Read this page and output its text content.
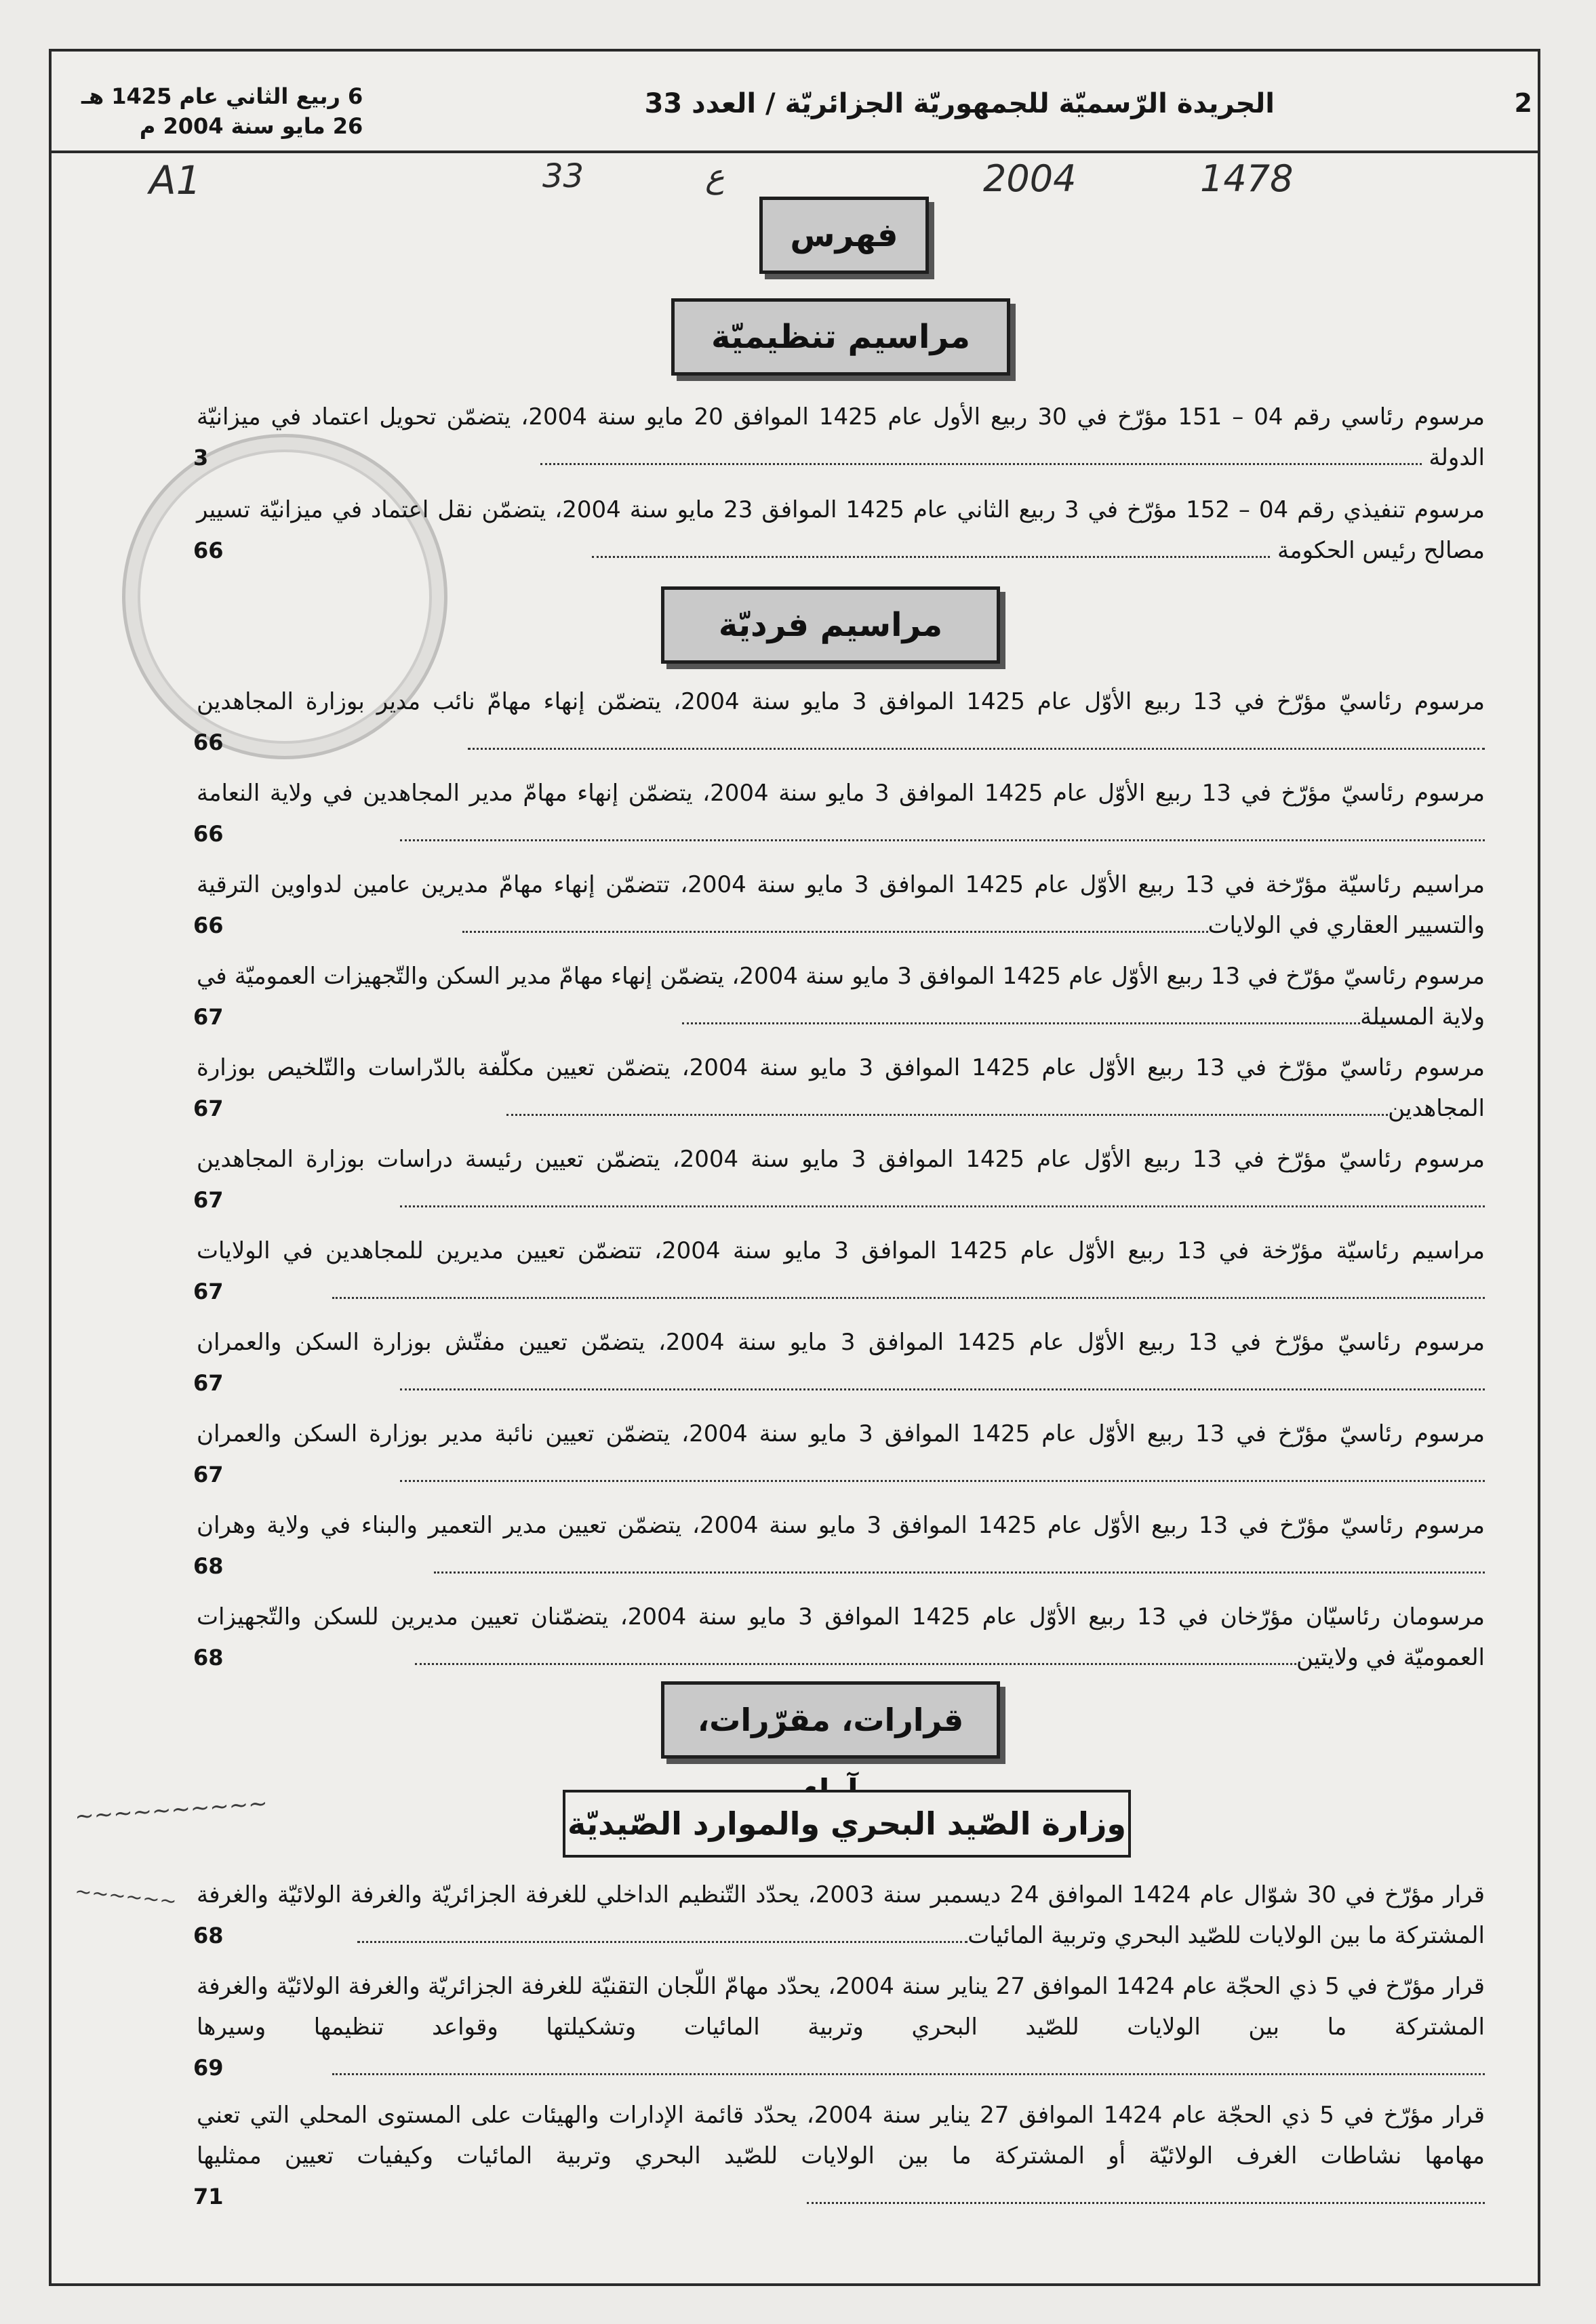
2
الجريدة الرّسميّة للجمهوريّة الجزائريّة / العدد 33
6 ربيع الثاني عام 1425 هـ
26 مايو سنة 2004 م
A1	33	ع	2004	1478
فهرس
مراسيم تنظيميّة
مرسوم رئاسي رقم 04 – 151 مؤرّخ في 30 ربيع الأول عام 1425 الموافق 20 مايو سنة 2004، يتضمّن تحويل اعتماد في ميزانيّة الدولة
3
مرسوم تنفيذي رقم 04 – 152 مؤرّخ في 3 ربيع الثاني عام 1425 الموافق 23 مايو سنة 2004، يتضمّن نقل اعتماد في ميزانيّة تسيير مصالح رئيس الحكومة
66
مراسيم فرديّة
مرسوم رئاسيّ مؤرّخ في 13 ربيع الأوّل عام 1425 الموافق 3 مايو سنة 2004، يتضمّن إنهاء مهامّ نائب مدير بوزارة المجاهدين
66
مرسوم رئاسيّ مؤرّخ في 13 ربيع الأوّل عام 1425 الموافق 3 مايو سنة 2004، يتضمّن إنهاء مهامّ مدير المجاهدين في ولاية النعامة
66
مراسيم رئاسيّة مؤرّخة في 13 ربيع الأوّل عام 1425 الموافق 3 مايو سنة 2004، تتضمّن إنهاء مهامّ مديرين عامين لدواوين الترقية والتسيير العقاري في الولايات
66
مرسوم رئاسيّ مؤرّخ في 13 ربيع الأوّل عام 1425 الموافق 3 مايو سنة 2004، يتضمّن إنهاء مهامّ مدير السكن والتّجهيزات العموميّة في ولاية المسيلة
67
مرسوم رئاسيّ مؤرّخ في 13 ربيع الأوّل عام 1425 الموافق 3 مايو سنة 2004، يتضمّن تعيين مكلّفة بالدّراسات والتّلخيص بوزارة المجاهدين
67
مرسوم رئاسيّ مؤرّخ في 13 ربيع الأوّل عام 1425 الموافق 3 مايو سنة 2004، يتضمّن تعيين رئيسة دراسات بوزارة المجاهدين
67
مراسيم رئاسيّة مؤرّخة في 13 ربيع الأوّل عام 1425 الموافق 3 مايو سنة 2004، تتضمّن تعيين مديرين للمجاهدين في الولايات
67
مرسوم رئاسيّ مؤرّخ في 13 ربيع الأوّل عام 1425 الموافق 3 مايو سنة 2004، يتضمّن تعيين مفتّش بوزارة السكن والعمران
67
مرسوم رئاسيّ مؤرّخ في 13 ربيع الأوّل عام 1425 الموافق 3 مايو سنة 2004، يتضمّن تعيين نائبة مدير بوزارة السكن والعمران
67
مرسوم رئاسيّ مؤرّخ في 13 ربيع الأوّل عام 1425 الموافق 3 مايو سنة 2004، يتضمّن تعيين مدير التعمير والبناء في ولاية وهران
68
مرسومان رئاسيّان مؤرّخان في 13 ربيع الأوّل عام 1425 الموافق 3 مايو سنة 2004، يتضمّنان تعيين مديرين للسكن والتّجهيزات العموميّة في ولايتين
68
قرارات، مقرّرات،
وزارة الصّيد البحري والموارد الصّيديّة
قرار مؤرّخ في 30 شوّال عام 1424 الموافق 24 ديسمبر سنة 2003، يحدّد التّنظيم الداخلي للغرفة الجزائريّة والغرفة الولائيّة والغرفة المشتركة ما بين الولايات للصّيد البحري وتربية المائيات
68
قرار مؤرّخ في 5 ذي الحجّة عام 1424 الموافق 27 يناير سنة 2004، يحدّد مهامّ اللّجان التقنيّة للغرفة الجزائريّة والغرفة الولائيّة والغرفة المشتركة ما بين الولايات للصّيد البحري وتربية المائيات وتشكيلتها وقواعد تنظيمها وسيرها
69
قرار مؤرّخ في 5 ذي الحجّة عام 1424 الموافق 27 يناير سنة 2004، يحدّد قائمة الإدارات والهيئات على المستوى المحلي التي تعني مهامها نشاطات الغرف الولائيّة أو المشتركة ما بين الولايات للصّيد البحري وتربية المائيات وكيفيات تعيين ممثليها
71
~~~~~~~~~~
~~~~~~
